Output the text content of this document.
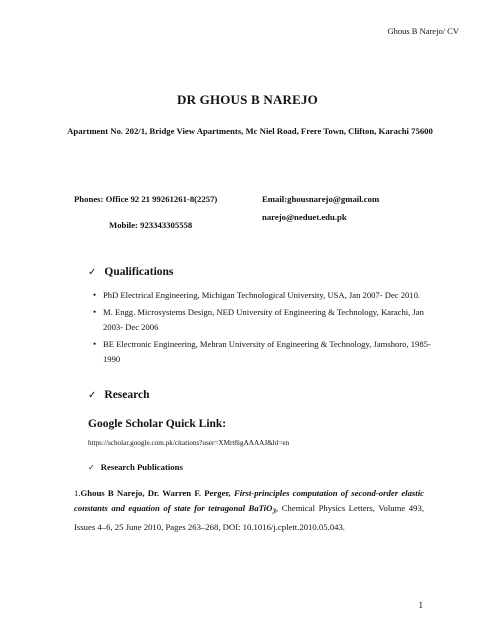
Ghous B Narejo/ CV
DR GHOUS B NAREJO
Apartment No. 202/1, Bridge View Apartments, Mc Niel Road, Frere Town, Clifton, Karachi 75600
Phones: Office 92 21 99261261-8(2257)
Mobile: 923343305558
Email:ghousnarejo@gmail.com
narejo@neduet.edu.pk
✓ Qualifications
• PhD Electrical Engineering, Michigan Technological University, USA, Jan 2007- Dec 2010.
• M. Engg. Microsystems Design, NED University of Engineering & Technology, Karachi, Jan 2003- Dec 2006
• BE Electronic Engineering, Mehran University of Engineering & Technology, Jamshoro, 1985-1990
✓ Research
Google Scholar Quick Link:
https://scholar.google.com.pk/citations?user=XMrt8igAAAAJ&hl=en
✓ Research Publications
1.Ghous B Narejo, Dr. Warren F. Perger, First-principles computation of second-order elastic constants and equation of state for tetragonal BaTiO$_3$, Chemical Physics Letters, Volume 493, Issues 4–6, 25 June 2010, Pages 263–268, DOI: 10.1016/j.cplett.2010.05.043.
1
